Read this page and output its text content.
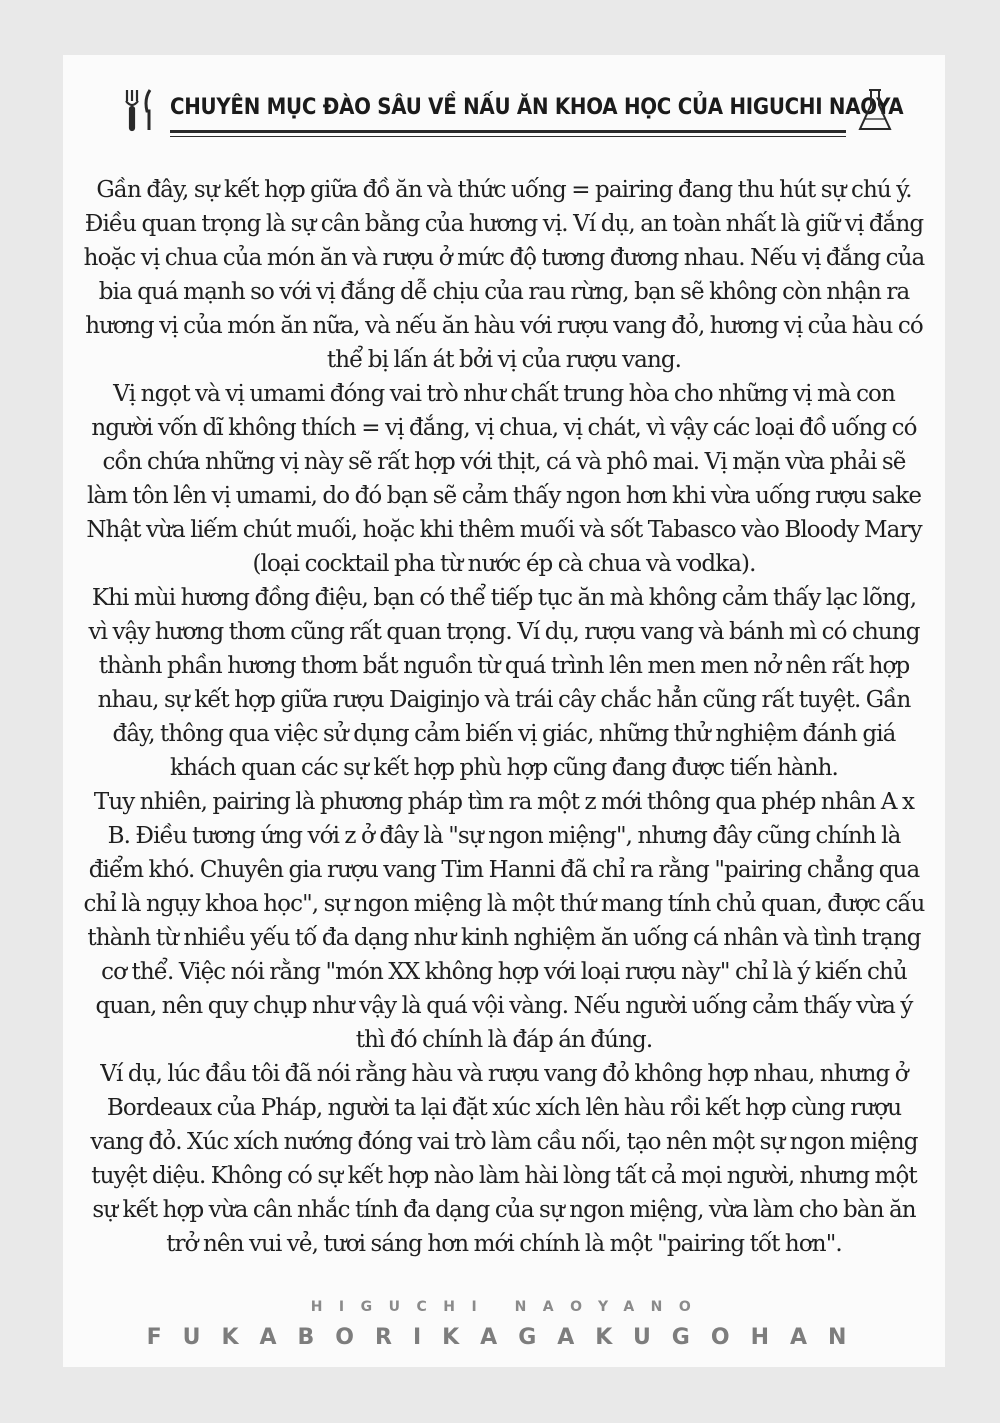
CHUYÊN MỤC ĐÀO SÂU VỀ NẤU ĂN KHOA HỌC CỦA HIGUCHI NAOYA

Gần đây, sự kết hợp giữa đồ ăn và thức uống = pairing đang thu hút sự chú ý. Điều quan trọng là sự cân bằng của hương vị. Ví dụ, an toàn nhất là giữ vị đắng hoặc vị chua của món ăn và rượu ở mức độ tương đương nhau. Nếu vị đắng của bia quá mạnh so với vị đắng dễ chịu của rau rừng, bạn sẽ không còn nhận ra hương vị của món ăn nữa, và nếu ăn hàu với rượu vang đỏ, hương vị của hàu có thể bị lấn át bởi vị của rượu vang.

Vị ngọt và vị umami đóng vai trò như chất trung hòa cho những vị mà con người vốn dĩ không thích = vị đắng, vị chua, vị chát, vì vậy các loại đồ uống có cồn chứa những vị này sẽ rất hợp với thịt, cá và phô mai. Vị mặn vừa phải sẽ làm tôn lên vị umami, do đó bạn sẽ cảm thấy ngon hơn khi vừa uống rượu sake Nhật vừa liếm chút muối, hoặc khi thêm muối và sốt Tabasco vào Bloody Mary (loại cocktail pha từ nước ép cà chua và vodka).

Khi mùi hương đồng điệu, bạn có thể tiếp tục ăn mà không cảm thấy lạc lõng, vì vậy hương thơm cũng rất quan trọng. Ví dụ, rượu vang và bánh mì có chung thành phần hương thơm bắt nguồn từ quá trình lên men men nở nên rất hợp nhau, sự kết hợp giữa rượu Daiginjo và trái cây chắc hẳn cũng rất tuyệt. Gần đây, thông qua việc sử dụng cảm biến vị giác, những thử nghiệm đánh giá khách quan các sự kết hợp phù hợp cũng đang được tiến hành.

Tuy nhiên, pairing là phương pháp tìm ra một z mới thông qua phép nhân A x B. Điều tương ứng với z ở đây là "sự ngon miệng", nhưng đây cũng chính là điểm khó. Chuyên gia rượu vang Tim Hanni đã chỉ ra rằng "pairing chẳng qua chỉ là ngụy khoa học", sự ngon miệng là một thứ mang tính chủ quan, được cấu thành từ nhiều yếu tố đa dạng như kinh nghiệm ăn uống cá nhân và tình trạng cơ thể. Việc nói rằng "món XX không hợp với loại rượu này" chỉ là ý kiến chủ quan, nên quy chụp như vậy là quá vội vàng. Nếu người uống cảm thấy vừa ý thì đó chính là đáp án đúng.

Ví dụ, lúc đầu tôi đã nói rằng hàu và rượu vang đỏ không hợp nhau, nhưng ở Bordeaux của Pháp, người ta lại đặt xúc xích lên hàu rồi kết hợp cùng rượu vang đỏ. Xúc xích nướng đóng vai trò làm cầu nối, tạo nên một sự ngon miệng tuyệt diệu. Không có sự kết hợp nào làm hài lòng tất cả mọi người, nhưng một sự kết hợp vừa cân nhắc tính đa dạng của sự ngon miệng, vừa làm cho bàn ăn trở nên vui vẻ, tươi sáng hơn mới chính là một "pairing tốt hơn".

HIGUCHI NAOYANO
FUKABORIKAGAKUGOHAN
